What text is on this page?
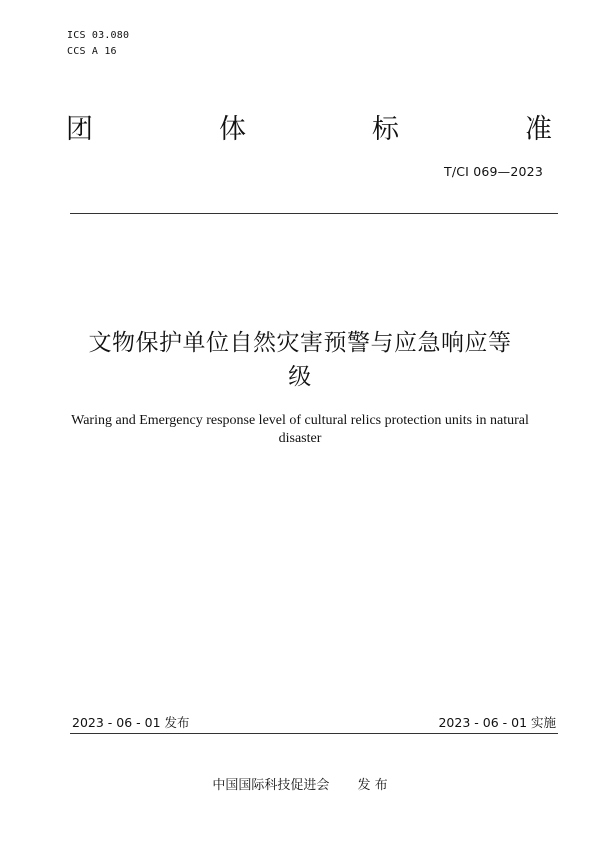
ICS 03.080
CCS A 16
团	体	标	准
T/CI 069—2023
文物保护单位自然灾害预警与应急响应等
级
Waring and Emergency response level of cultural relics protection units in natural
disaster
2023 - 06 - 01 发布	2023 - 06 - 01 实施
中国国际科技促进会 发 布
